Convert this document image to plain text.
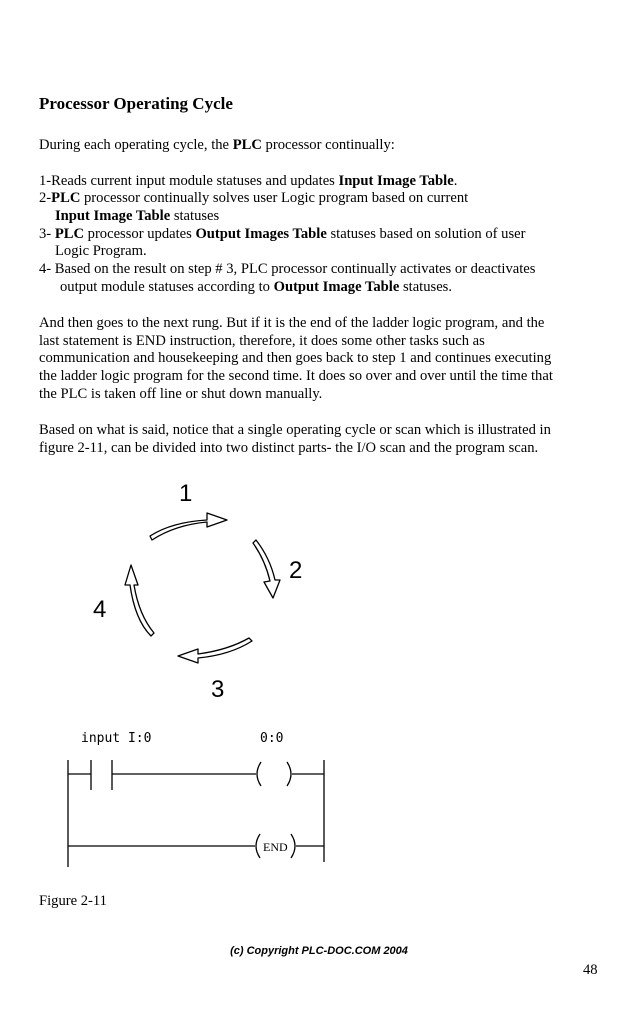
Processor Operating Cycle
During each operating cycle, the PLC processor continually:
1-Reads current input module statuses and updates Input Image Table.
2-PLC processor continually solves user Logic program based on current
Input Image Table statuses
3- PLC processor updates Output Images Table statuses based on solution of user
Logic Program.
4- Based on the result on step # 3, PLC processor continually activates or deactivates
output module statuses according to Output Image Table statuses.
And then goes to the next rung. But if it is the end of the ladder logic program, and the
last statement is END instruction, therefore, it does some other tasks such as
communication and housekeeping and then goes back to step 1 and continues executing
the ladder logic program for the second time. It does so over and over until the time that
the PLC is taken off line or shut down manually.
Based on what is said, notice that a single operating cycle or scan which is illustrated in
figure 2-11, can be divided into two distinct parts- the I/O scan and the program scan.
1
2
3
4
input I:0	0:0
END
Figure 2-11
(c) Copyright PLC-DOC.COM 2004
48
